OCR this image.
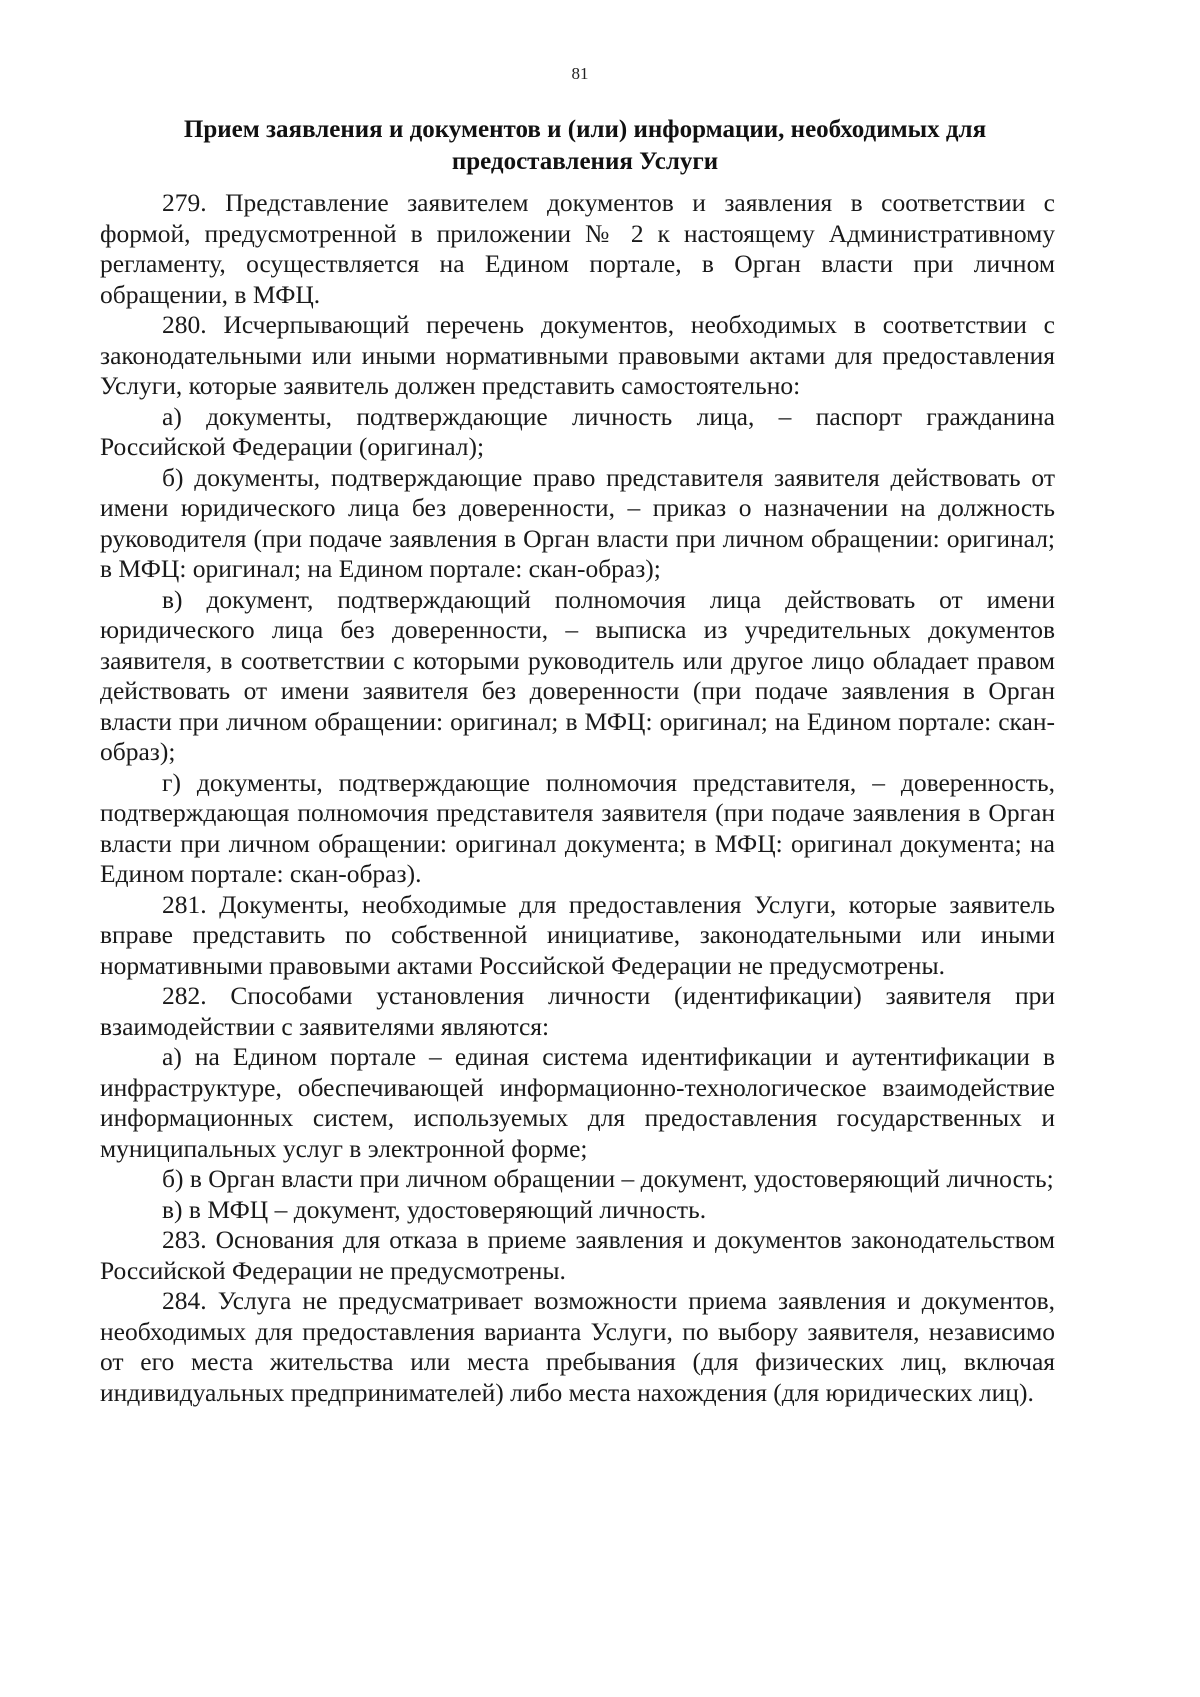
81
Прием заявления и документов и (или) информации, необходимых для предоставления Услуги

279. Представление заявителем документов и заявления в соответствии с формой, предусмотренной в приложении № 2 к настоящему Административному регламенту, осуществляется на Едином портале, в Орган власти при личном обращении, в МФЦ.

280. Исчерпывающий перечень документов, необходимых в соответствии с законодательными или иными нормативными правовыми актами для предоставления Услуги, которые заявитель должен представить самостоятельно:

а) документы, подтверждающие личность лица, – паспорт гражданина Российской Федерации (оригинал);

б) документы, подтверждающие право представителя заявителя действовать от имени юридического лица без доверенности, – приказ о назначении на должность руководителя (при подаче заявления в Орган власти при личном обращении: оригинал; в МФЦ: оригинал; на Едином портале: скан-образ);

в) документ, подтверждающий полномочия лица действовать от имени юридического лица без доверенности, – выписка из учредительных документов заявителя, в соответствии с которыми руководитель или другое лицо обладает правом действовать от имени заявителя без доверенности (при подаче заявления в Орган власти при личном обращении: оригинал; в МФЦ: оригинал; на Едином портале: скан-образ);

г) документы, подтверждающие полномочия представителя, – доверенность, подтверждающая полномочия представителя заявителя (при подаче заявления в Орган власти при личном обращении: оригинал документа; в МФЦ: оригинал документа; на Едином портале: скан-образ).

281. Документы, необходимые для предоставления Услуги, которые заявитель вправе представить по собственной инициативе, законодательными или иными нормативными правовыми актами Российской Федерации не предусмотрены.

282. Способами установления личности (идентификации) заявителя при взаимодействии с заявителями являются:

а) на Едином портале – единая система идентификации и аутентификации в инфраструктуре, обеспечивающей информационно-технологическое взаимодействие информационных систем, используемых для предоставления государственных и муниципальных услуг в электронной форме;

б) в Орган власти при личном обращении – документ, удостоверяющий личность;

в) в МФЦ – документ, удостоверяющий личность.

283. Основания для отказа в приеме заявления и документов законодательством Российской Федерации не предусмотрены.

284. Услуга не предусматривает возможности приема заявления и документов, необходимых для предоставления варианта Услуги, по выбору заявителя, независимо от его места жительства или места пребывания (для физических лиц, включая индивидуальных предпринимателей) либо места нахождения (для юридических лиц).
